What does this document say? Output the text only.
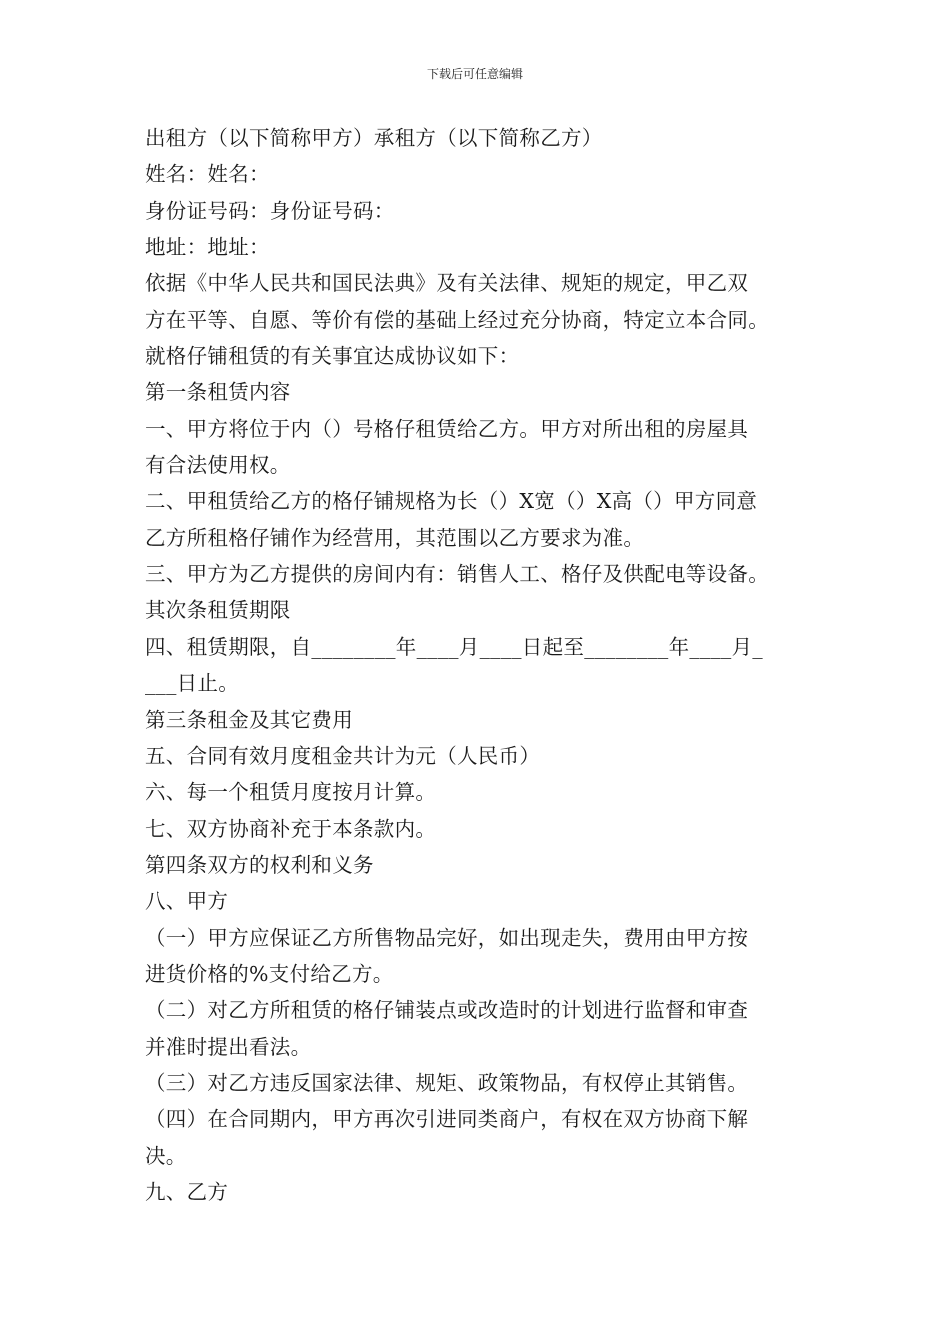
下载后可任意编辑
出租方（以下简称甲方）承租方（以下简称乙方）
姓名：姓名：
身份证号码：身份证号码：
地址：地址：
依据《中华人民共和国民法典》及有关法律、规矩的规定，甲乙双
方在平等、自愿、等价有偿的基础上经过充分协商，特定立本合同。
就格仔铺租赁的有关事宜达成协议如下：
第一条租赁内容
一、甲方将位于内（）号格仔租赁给乙方。甲方对所出租的房屋具
有合法使用权。
二、甲租赁给乙方的格仔铺规格为长（）X宽（）X高（）甲方同意
乙方所租格仔铺作为经营用，其范围以乙方要求为准。
三、甲方为乙方提供的房间内有：销售人工、格仔及供配电等设备。
其次条租赁期限
四、租赁期限，自________年____月____日起至________年____月_
___日止。
第三条租金及其它费用
五、合同有效月度租金共计为元（人民币）
六、每一个租赁月度按月计算。
七、双方协商补充于本条款内。
第四条双方的权利和义务
八、甲方
（一）甲方应保证乙方所售物品完好，如出现走失，费用由甲方按
进货价格的%支付给乙方。
（二）对乙方所租赁的格仔铺装点或改造时的计划进行监督和审查
并准时提出看法。
（三）对乙方违反国家法律、规矩、政策物品，有权停止其销售。
（四）在合同期内，甲方再次引进同类商户，有权在双方协商下解
决。
九、乙方
